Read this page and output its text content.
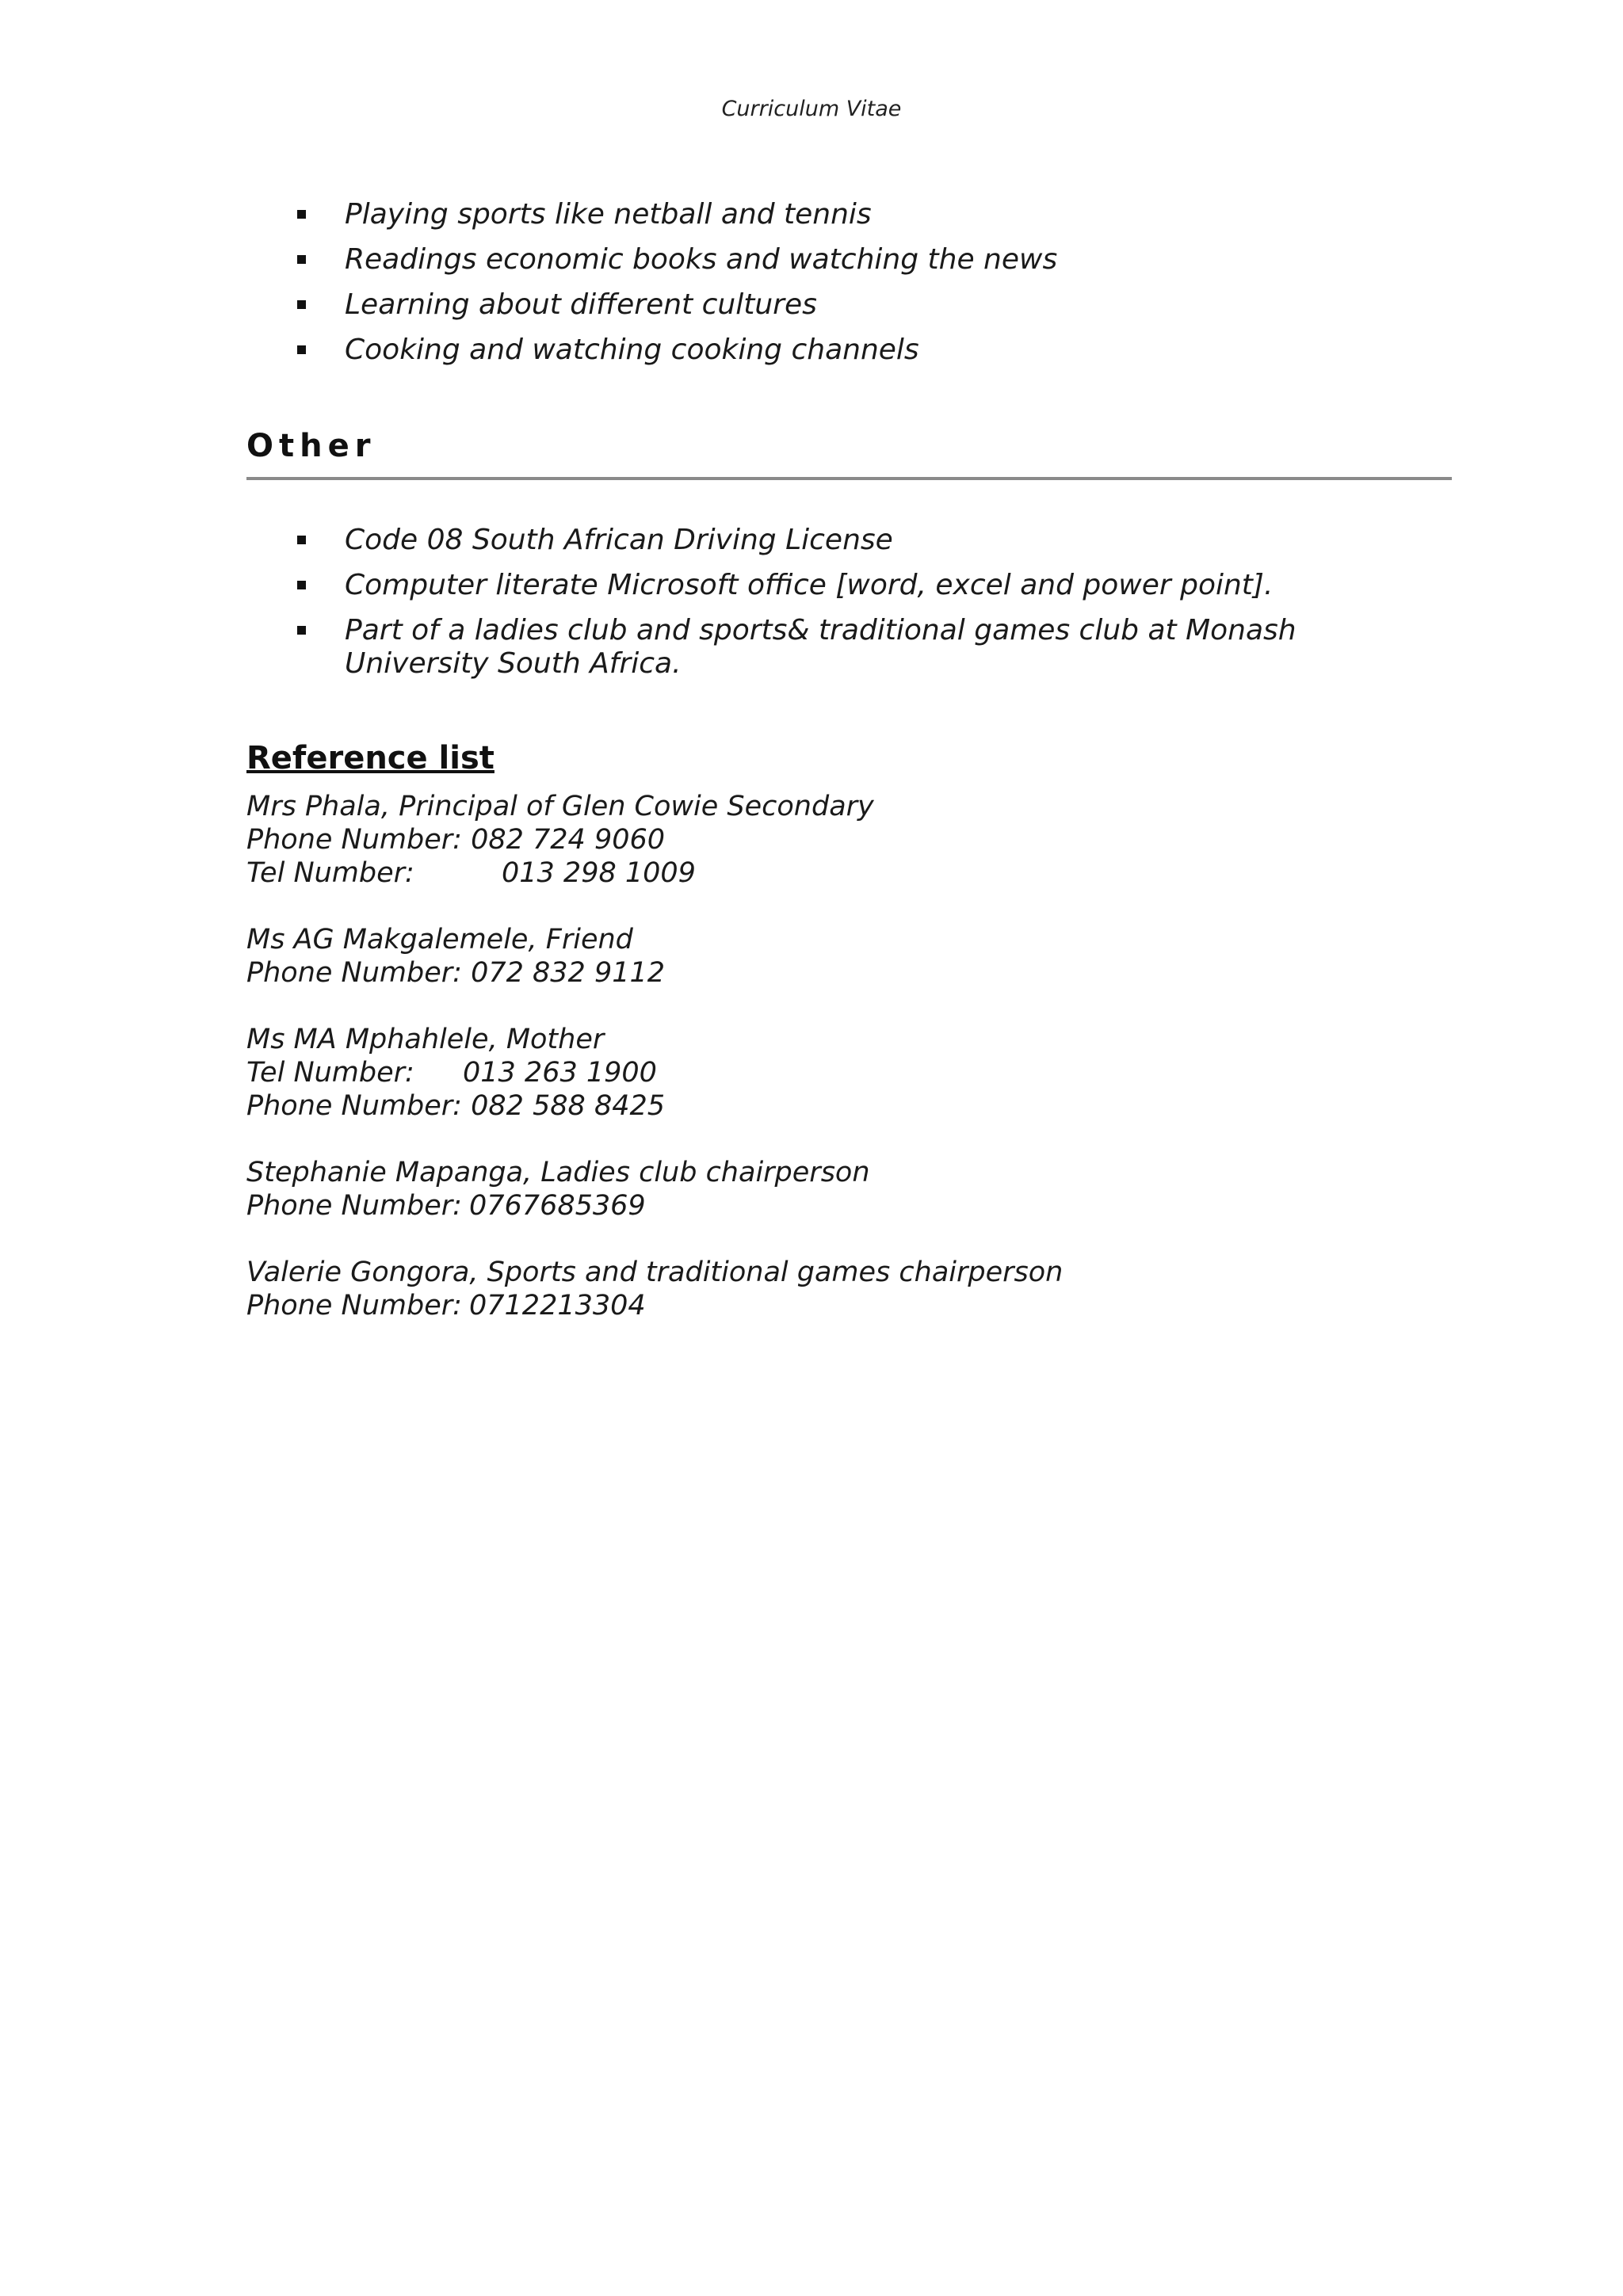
Curriculum Vitae
Playing sports like netball and tennis
Readings economic books and watching the news
Learning about different cultures
Cooking and watching cooking channels
Other
Code 08 South African Driving License
Computer literate Microsoft office [word, excel and power point].
Part of a ladies club and sports& traditional games club at Monash University South Africa.
Reference list
Mrs Phala, Principal of Glen Cowie Secondary
Phone Number: 082 724 9060
Tel Number:	013 298 1009
Ms AG Makgalemele, Friend
Phone Number: 072 832 9112
Ms MA Mphahlele, Mother
Tel Number: 013 263 1900
Phone Number: 082 588 8425
Stephanie Mapanga, Ladies club chairperson
Phone Number: 0767685369
Valerie Gongora, Sports and traditional games chairperson
Phone Number: 0712213304
